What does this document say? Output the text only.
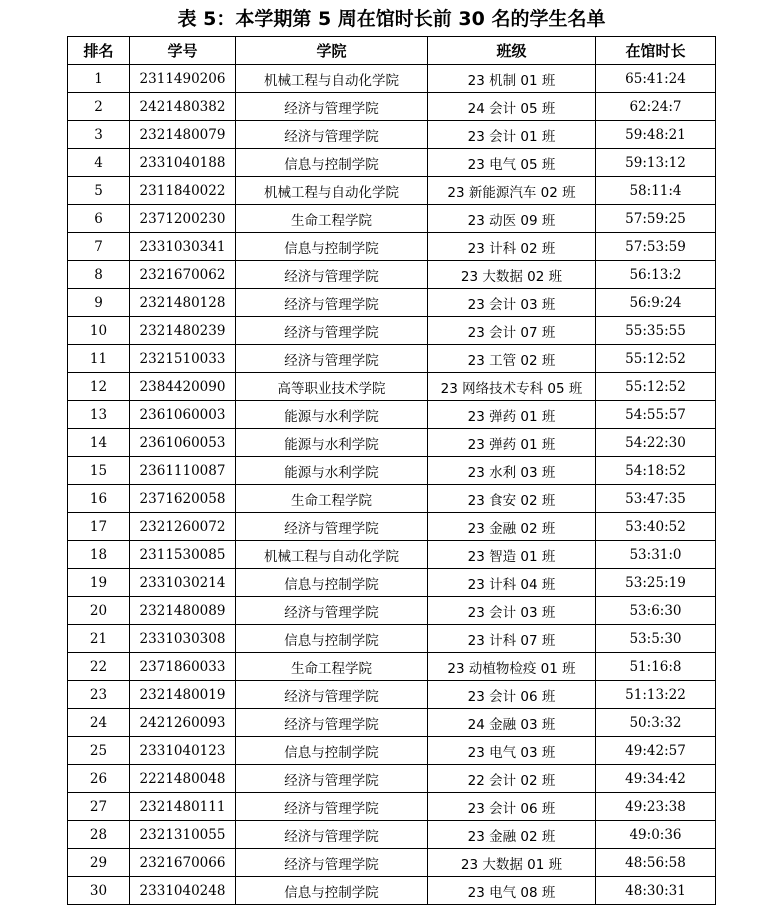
表 5：本学期第 5 周在馆时长前 30 名的学生名单
排名	学号	学院	班级	在馆时长
1	2311490206	机械工程与自动化学院	23 机制 01 班	65:41:24
2	2421480382	经济与管理学院	24 会计 05 班	62:24:7
3	2321480079	经济与管理学院	23 会计 01 班	59:48:21
4	2331040188	信息与控制学院	23 电气 05 班	59:13:12
5	2311840022	机械工程与自动化学院	23 新能源汽车 02 班	58:11:4
6	2371200230	生命工程学院	23 动医 09 班	57:59:25
7	2331030341	信息与控制学院	23 计科 02 班	57:53:59
8	2321670062	经济与管理学院	23 大数据 02 班	56:13:2
9	2321480128	经济与管理学院	23 会计 03 班	56:9:24
10	2321480239	经济与管理学院	23 会计 07 班	55:35:55
11	2321510033	经济与管理学院	23 工管 02 班	55:12:52
12	2384420090	高等职业技术学院	23 网络技术专科 05 班	55:12:52
13	2361060003	能源与水利学院	23 弹药 01 班	54:55:57
14	2361060053	能源与水利学院	23 弹药 01 班	54:22:30
15	2361110087	能源与水利学院	23 水利 03 班	54:18:52
16	2371620058	生命工程学院	23 食安 02 班	53:47:35
17	2321260072	经济与管理学院	23 金融 02 班	53:40:52
18	2311530085	机械工程与自动化学院	23 智造 01 班	53:31:0
19	2331030214	信息与控制学院	23 计科 04 班	53:25:19
20	2321480089	经济与管理学院	23 会计 03 班	53:6:30
21	2331030308	信息与控制学院	23 计科 07 班	53:5:30
22	2371860033	生命工程学院	23 动植物检疫 01 班	51:16:8
23	2321480019	经济与管理学院	23 会计 06 班	51:13:22
24	2421260093	经济与管理学院	24 金融 03 班	50:3:32
25	2331040123	信息与控制学院	23 电气 03 班	49:42:57
26	2221480048	经济与管理学院	22 会计 02 班	49:34:42
27	2321480111	经济与管理学院	23 会计 06 班	49:23:38
28	2321310055	经济与管理学院	23 金融 02 班	49:0:36
29	2321670066	经济与管理学院	23 大数据 01 班	48:56:58
30	2331040248	信息与控制学院	23 电气 08 班	48:30:31
